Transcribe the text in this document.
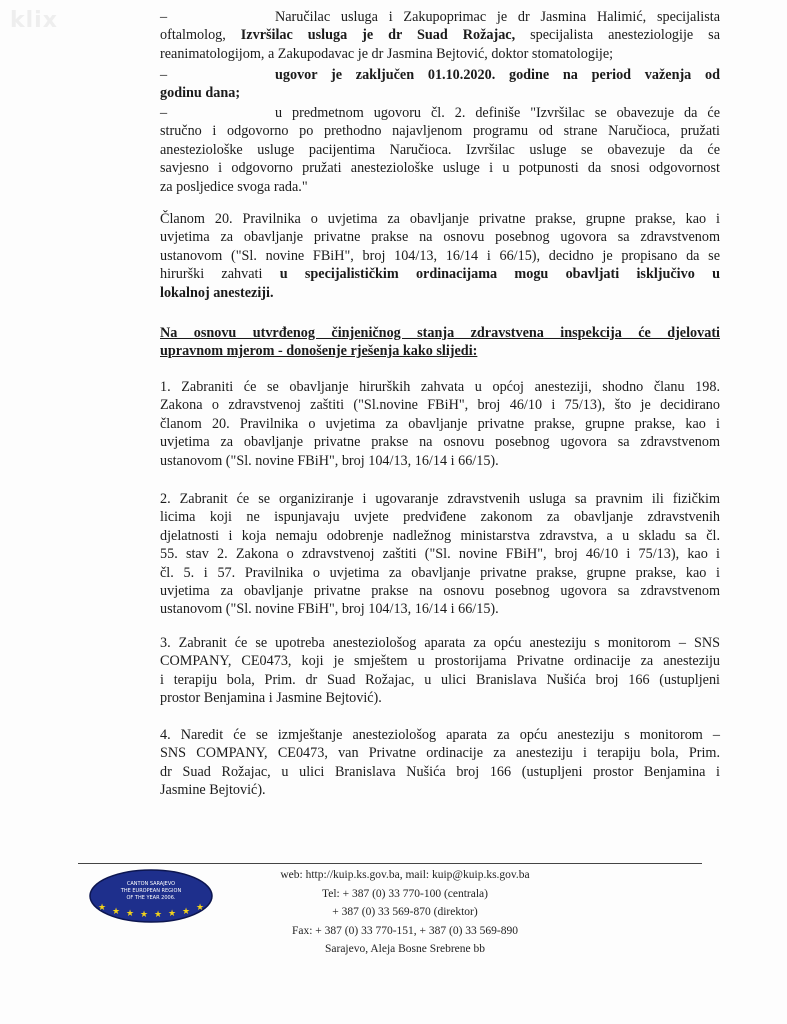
klix	–	Naručilac usluga i Zakupoprimac je dr Jasmina Halimić, specijalista
oftalmolog, Izvršilac usluga je dr Suad Rožajac, specijalista anesteziologije sa
reanimatologijom, a Zakupodavac je dr Jasmina Bejtović, doktor stomatologije;
–	ugovor je zaključen 01.10.2020. godine na period važenja od
godinu dana;
–	u predmetnom ugovoru čl. 2. definiše "Izvršilac se obavezuje da će
stručno i odgovorno po prethodno najavljenom programu od strane Naručioca, pružati
anesteziološke usluge pacijentima Naručioca. Izvršilac usluge se obavezuje da će
savjesno i odgovorno pružati anesteziološke usluge i u potpunosti da snosi odgovornost
za posljedice svoga rada."
Članom 20. Pravilnika o uvjetima za obavljanje privatne prakse, grupne prakse, kao i
uvjetima za obavljanje privatne prakse na osnovu posebnog ugovora sa zdravstvenom
ustanovom ("Sl. novine FBiH", broj 104/13, 16/14 i 66/15), decidno je propisano da se
hirurški zahvati u specijalističkim ordinacijama mogu obavljati isključivo u
lokalnoj anesteziji.
Na osnovu utvrđenog činjeničnog stanja zdravstvena inspekcija će djelovati
upravnom mjerom - donošenje rješenja kako slijedi:
1. Zabraniti će se obavljanje hirurških zahvata u općoj anesteziji, shodno članu 198.
Zakona o zdravstvenoj zaštiti ("Sl.novine FBiH", broj 46/10 i 75/13), što je decidirano
članom 20. Pravilnika o uvjetima za obavljanje privatne prakse, grupne prakse, kao i
uvjetima za obavljanje privatne prakse na osnovu posebnog ugovora sa zdravstvenom
ustanovom ("Sl. novine FBiH", broj 104/13, 16/14 i 66/15).
2. Zabranit će se organiziranje i ugovaranje zdravstvenih usluga sa pravnim ili fizičkim
licima koji ne ispunjavaju uvjete predviđene zakonom za obavljanje zdravstvenih
djelatnosti i koja nemaju odobrenje nadležnog ministarstva zdravstva, a u skladu sa čl.
55. stav 2. Zakona o zdravstvenoj zaštiti ("Sl. novine FBiH", broj 46/10 i 75/13), kao i
čl. 5. i 57. Pravilnika o uvjetima za obavljanje privatne prakse, grupne prakse, kao i
uvjetima za obavljanje privatne prakse na osnovu posebnog ugovora sa zdravstvenom
ustanovom ("Sl. novine FBiH", broj 104/13, 16/14 i 66/15).
3. Zabranit će se upotreba anesteziološog aparata za opću anesteziju s monitorom – SNS
COMPANY, CE0473, koji je smještem u prostorijama Privatne ordinacije za anesteziju
i terapiju bola, Prim. dr Suad Rožajac, u ulici Branislava Nušića broj 166 (ustupljeni
prostor Benjamina i Jasmine Bejtović).
4. Naredit će se izmještanje anesteziološog aparata za opću anesteziju s monitorom –
SNS COMPANY, CE0473, van Privatne ordinacije za anesteziju i terapiju bola, Prim.
dr Suad Rožajac, u ulici Branislava Nušića broj 166 (ustupljeni prostor Benjamina i
Jasmine Bejtović).
CANTON SARAJEVO
THE EUROPEAN REGION
OF THE YEAR 2006.
★ ★ ★ ★ ★ ★ ★ ★
web: http://kuip.ks.gov.ba, mail: kuip@kuip.ks.gov.ba
Tel: + 387 (0) 33 770-100 (centrala)
+ 387 (0) 33 569-870 (direktor)
Fax: + 387 (0) 33 770-151, + 387 (0) 33 569-890
Sarajevo, Aleja Bosne Srebrene bb
